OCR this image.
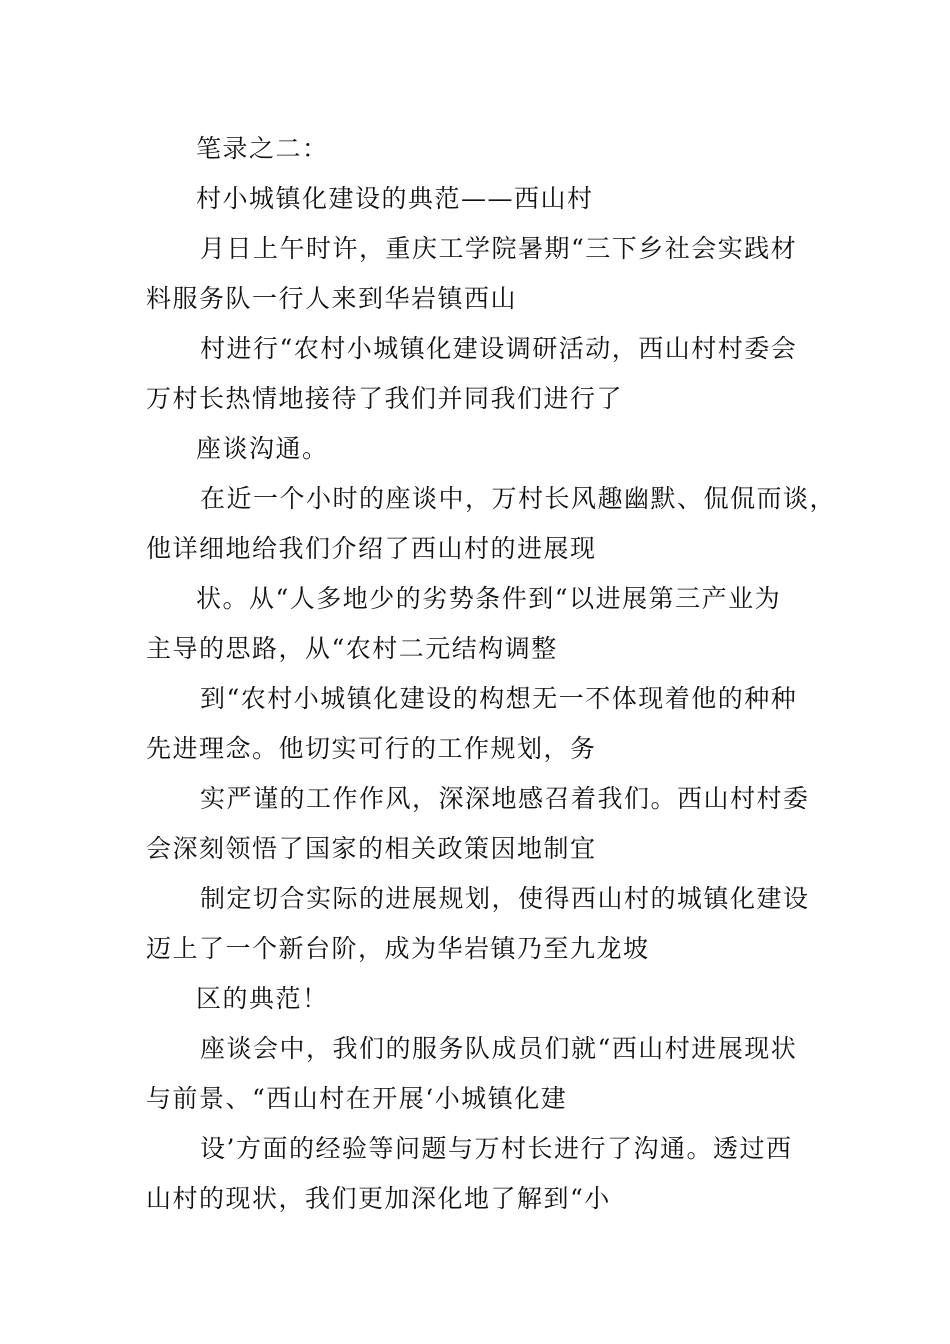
笔录之二：
村小城镇化建设的典范——西山村
月日上午时许，重庆工学院暑期“三下乡社会实践材
料服务队一行人来到华岩镇西山
村进行“农村小城镇化建设调研活动，西山村村委会
万村长热情地接待了我们并同我们进行了
座谈沟通。
在近一个小时的座谈中，万村长风趣幽默、侃侃而谈，
他详细地给我们介绍了西山村的进展现
状。从“人多地少的劣势条件到“以进展第三产业为
主导的思路，从“农村二元结构调整
到“农村小城镇化建设的构想无一不体现着他的种种
先进理念。他切实可行的工作规划，务
实严谨的工作作风，深深地感召着我们。西山村村委
会深刻领悟了国家的相关政策因地制宜
制定切合实际的进展规划，使得西山村的城镇化建设
迈上了一个新台阶，成为华岩镇乃至九龙坡
区的典范！
座谈会中，我们的服务队成员们就“西山村进展现状
与前景、“西山村在开展‘小城镇化建
设’方面的经验等问题与万村长进行了沟通。透过西
山村的现状，我们更加深化地了解到“小
